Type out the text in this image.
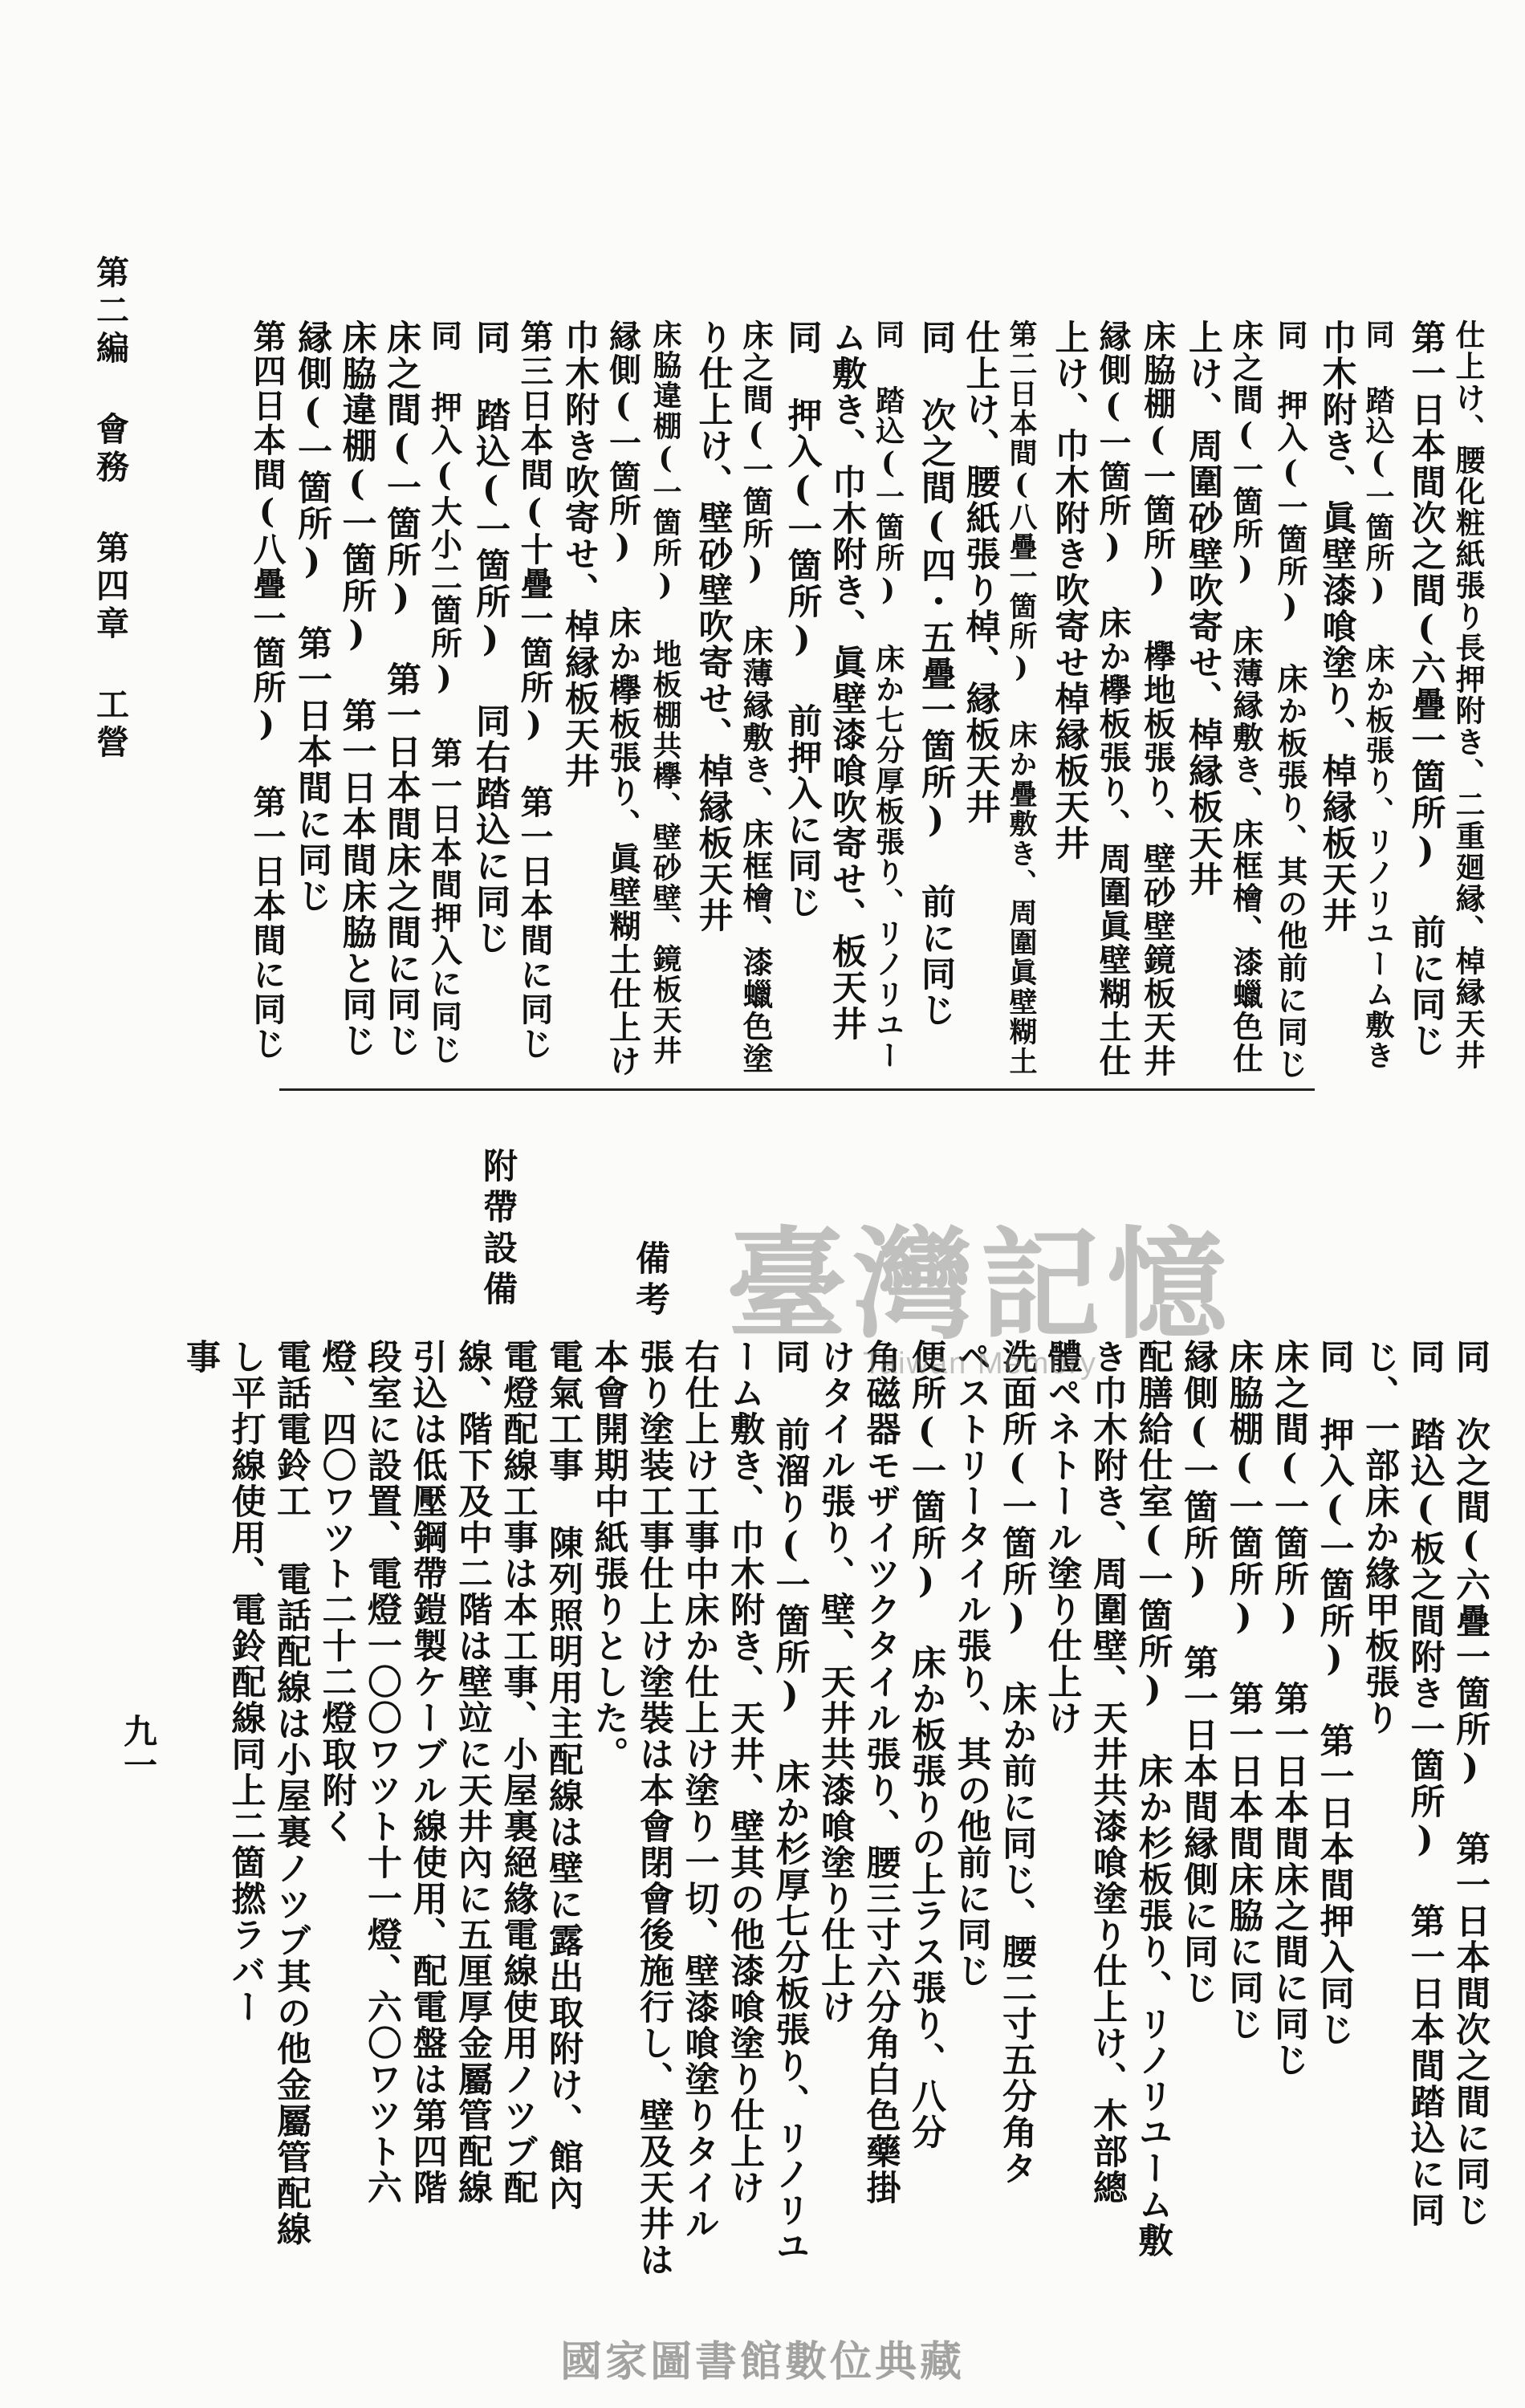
第二編 會務 第四章 工營	仕上け、腰化粧紙張り長押附き、二重廻縁、棹縁天井
第一日本間次之間(六疊一箇所) 前に同じ
同 踏込(一箇所) 床か板張り、リノリユーム敷き
巾木附き、眞壁漆喰塗り、棹縁板天井
同 押入(一箇所) 床か板張り、其の他前に同じ
床之間(一箇所) 床薄縁敷き、床框檜、漆蠟色仕
上け、周圍砂壁吹寄せ、棹縁板天井
床脇棚(一箇所) 欅地板張り、壁砂壁鏡板天井
縁側(一箇所) 床か欅板張り、周圍眞壁糊土仕
上け、巾木附き吹寄せ棹縁板天井
第二日本間(八疊一箇所) 床か疊敷き、周圍眞壁糊土
仕上け、腰紙張り棹、縁板天井
同 次之間(四・五疊一箇所) 前に同じ
同 踏込(一箇所) 床か七分厚板張り、リノリユー
ム敷き、巾木附き、眞壁漆喰吹寄せ、板天井
同 押入(一箇所) 前押入に同じ
床之間(一箇所) 床薄縁敷き、床框檜、漆蠟色塗
り仕上け、壁砂壁吹寄せ、棹縁板天井
床脇違棚(一箇所) 地板棚共欅、壁砂壁、鏡板天井
縁側(一箇所) 床か欅板張り、眞壁糊土仕上け
巾木附き吹寄せ、棹縁板天井
第三日本間(十疊一箇所) 第一日本間に同じ
同 踏込(一箇所) 同右踏込に同じ
同 押入(大小二箇所) 第一日本間押入に同じ
床之間(一箇所) 第一日本間床之間に同じ
床脇違棚(一箇所) 第一日本間床脇と同じ
縁側(一箇所) 第一日本間に同じ
第四日本間(八疊一箇所) 第一日本間に同じ
同 次之間(六疊一箇所) 第一日本間次之間に同じ
同 踏込(板之間附き一箇所) 第一日本間踏込に同
じ、一部床か緣甲板張り
同 押入(一箇所) 第一日本間押入同じ
床之間(一箇所) 第一日本間床之間に同じ
床脇棚(一箇所) 第一日本間床脇に同じ
縁側(一箇所) 第一日本間縁側に同じ
配膳給仕室(一箇所) 床か杉板張り、リノリユーム敷
き巾木附き、周圍壁、天井共漆喰塗り仕上け、木部總
體ペネトール塗り仕上け
洗面所(一箇所) 床か前に同じ、腰二寸五分角タ
ペストリータイル張り、其の他前に同じ
便所(一箇所) 床か板張りの上ラス張り、八分
角磁器モザイツクタイル張り、腰三寸六分角白色藥掛
けタイル張り、壁、天井共漆喰塗り仕上け
同 前溜り(一箇所) 床か杉厚七分板張り、リノリユ
ーム敷き、巾木附き、天井、壁其の他漆喰塗り仕上け
右仕上け工事中床か仕上け塗り一切、壁漆喰塗りタイル
張り塗装工事仕上け塗裝は本會閉會後施行し、壁及天井は
本會開期中紙張りとした。
電氣工事 陳列照明用主配線は壁に露出取附け、館內
電燈配線工事は本工事、小屋裏絕緣電線使用ノツブ配
線、階下及中二階は壁竝に天井內に五厘厚金屬管配線
引込は低壓鋼帶鎧製ケーブル線使用、配電盤は第四階
段室に設置、電燈一〇〇ワツト十一燈、六〇ワツト六
燈、四〇ワツト二十二燈取附く
電話電鈴工 電話配線は小屋裏ノツブ其の他金屬管配線
し平打線使用、電鈴配線同上二箇撚ラバー
事
備考
附帶設備
九一
臺灣記憶
Taiwan Memory
國家圖書館數位典藏
